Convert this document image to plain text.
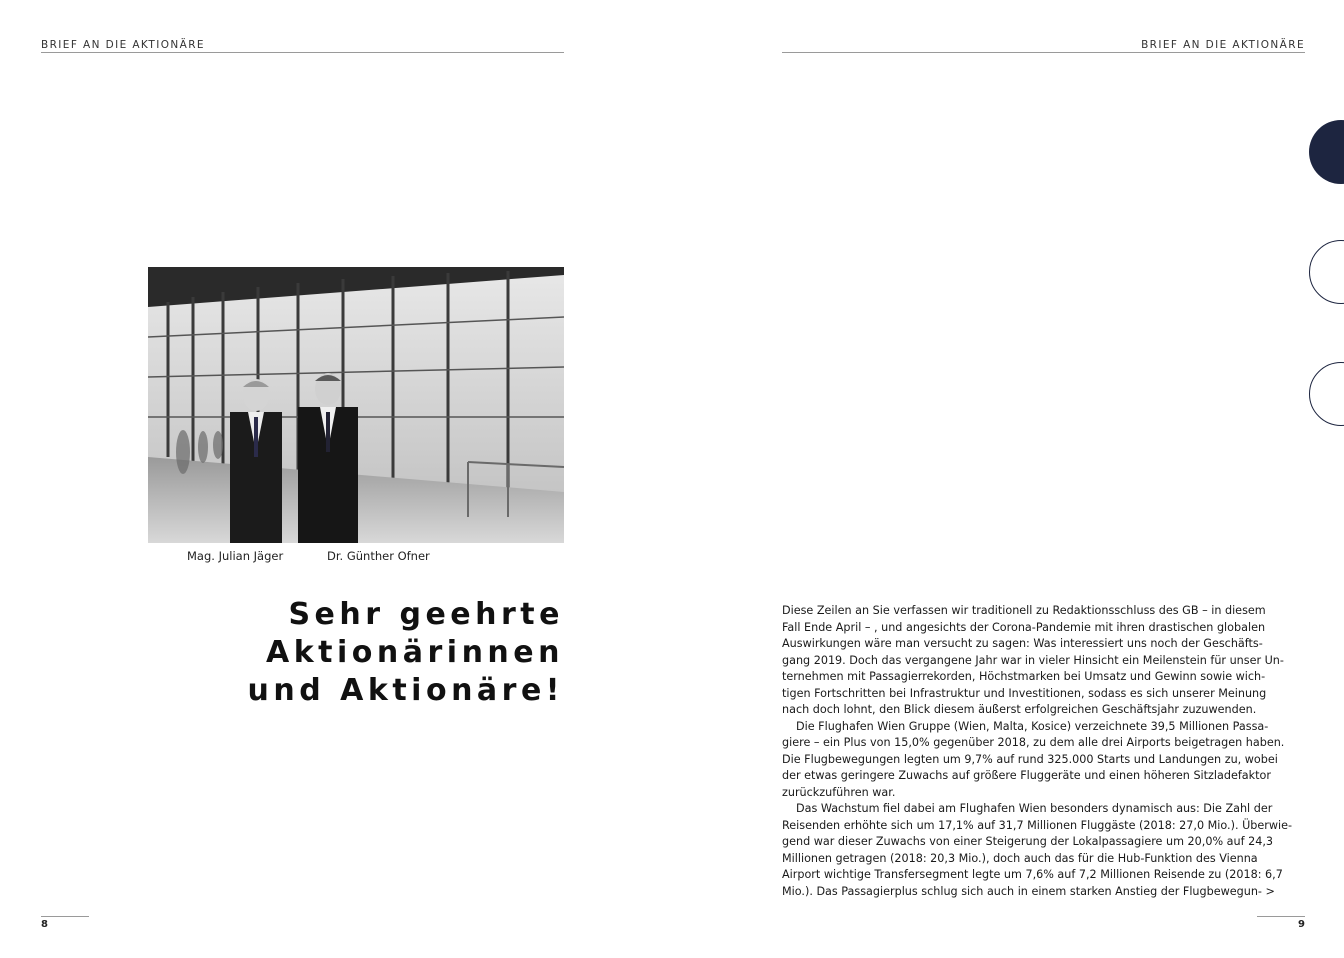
BRIEF AN DIE AKTIONÄRE	BRIEF AN DIE AKTIONÄRE
Mag. Julian Jäger	Dr. Günther Ofner
Sehr geehrte
Aktionärinnen
und Aktionäre!
Diese Zeilen an Sie verfassen wir traditionell zu Redaktionsschluss des GB – in diesem
Fall Ende April – , und angesichts der Corona-Pandemie mit ihren drastischen globalen
Auswirkungen wäre man versucht zu sagen: Was interessiert uns noch der Geschäfts-
gang 2019. Doch das vergangene Jahr war in vieler Hinsicht ein Meilenstein für unser Un-
ternehmen mit Passagierrekorden, Höchstmarken bei Umsatz und Gewinn sowie wich-
tigen Fortschritten bei Infrastruktur und Investitionen, sodass es sich unserer Meinung
nach doch lohnt, den Blick diesem äußerst erfolgreichen Geschäftsjahr zuzuwenden.
Die Flughafen Wien Gruppe (Wien, Malta, Kosice) verzeichnete 39,5 Millionen Passa-
giere – ein Plus von 15,0% gegenüber 2018, zu dem alle drei Airports beigetragen haben.
Die Flugbewegungen legten um 9,7% auf rund 325.000 Starts und Landungen zu, wobei
der etwas geringere Zuwachs auf größere Fluggeräte und einen höheren Sitzladefaktor
zurückzuführen war.
Das Wachstum fiel dabei am Flughafen Wien besonders dynamisch aus: Die Zahl der
Reisenden erhöhte sich um 17,1% auf 31,7 Millionen Fluggäste (2018: 27,0 Mio.). Überwie-
gend war dieser Zuwachs von einer Steigerung der Lokalpassagiere um 20,0% auf 24,3
Millionen getragen (2018: 20,3 Mio.), doch auch das für die Hub-Funktion des Vienna
Airport wichtige Transfersegment legte um 7,6% auf 7,2 Millionen Reisende zu (2018: 6,7
Mio.). Das Passagierplus schlug sich auch in einem starken Anstieg der Flugbewegun- >
8	9
